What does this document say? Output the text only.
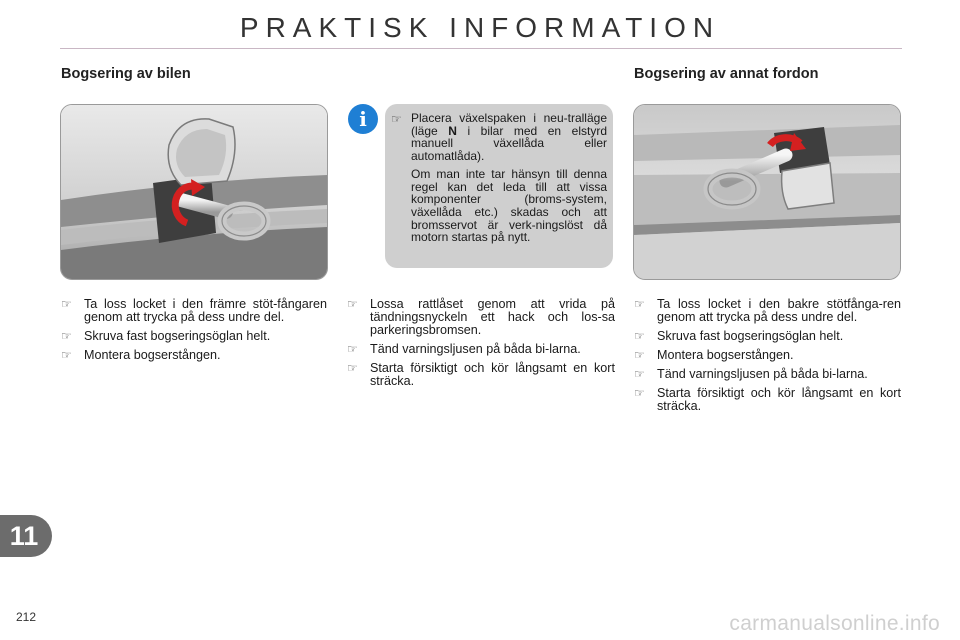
PRAKTISK INFORMATION
Bogsering av bilen	Bogsering av annat fordon
i	☞ Placera växelspaken i neu-tralläge (läge N i bilar med en elstyrd manuell växellåda eller automatlåda).

Om man inte tar hänsyn till denna regel kan det leda till att vissa komponenter (broms-system, växellåda etc.) skadas och att bromsservot är verk-ningslöst då motorn startas på nytt.

☞ Ta loss locket i den främre stöt-fångaren genom att trycka på dess undre del.
☞ Skruva fast bogseringsöglan helt.
☞ Montera bogserstången.
☞ Lossa rattlåset genom att vrida på tändningsnyckeln ett hack och los-sa parkeringsbromsen.
☞ Tänd varningsljusen på båda bi-larna.
☞ Starta försiktigt och kör långsamt en kort sträcka.
☞ Ta loss locket i den bakre stötfånga-ren genom att trycka på dess undre del.
☞ Skruva fast bogseringsöglan helt.
☞ Montera bogserstången.
☞ Tänd varningsljusen på båda bi-larna.
☞ Starta försiktigt och kör långsamt en kort sträcka.
11
212	carmanualsonline.info
